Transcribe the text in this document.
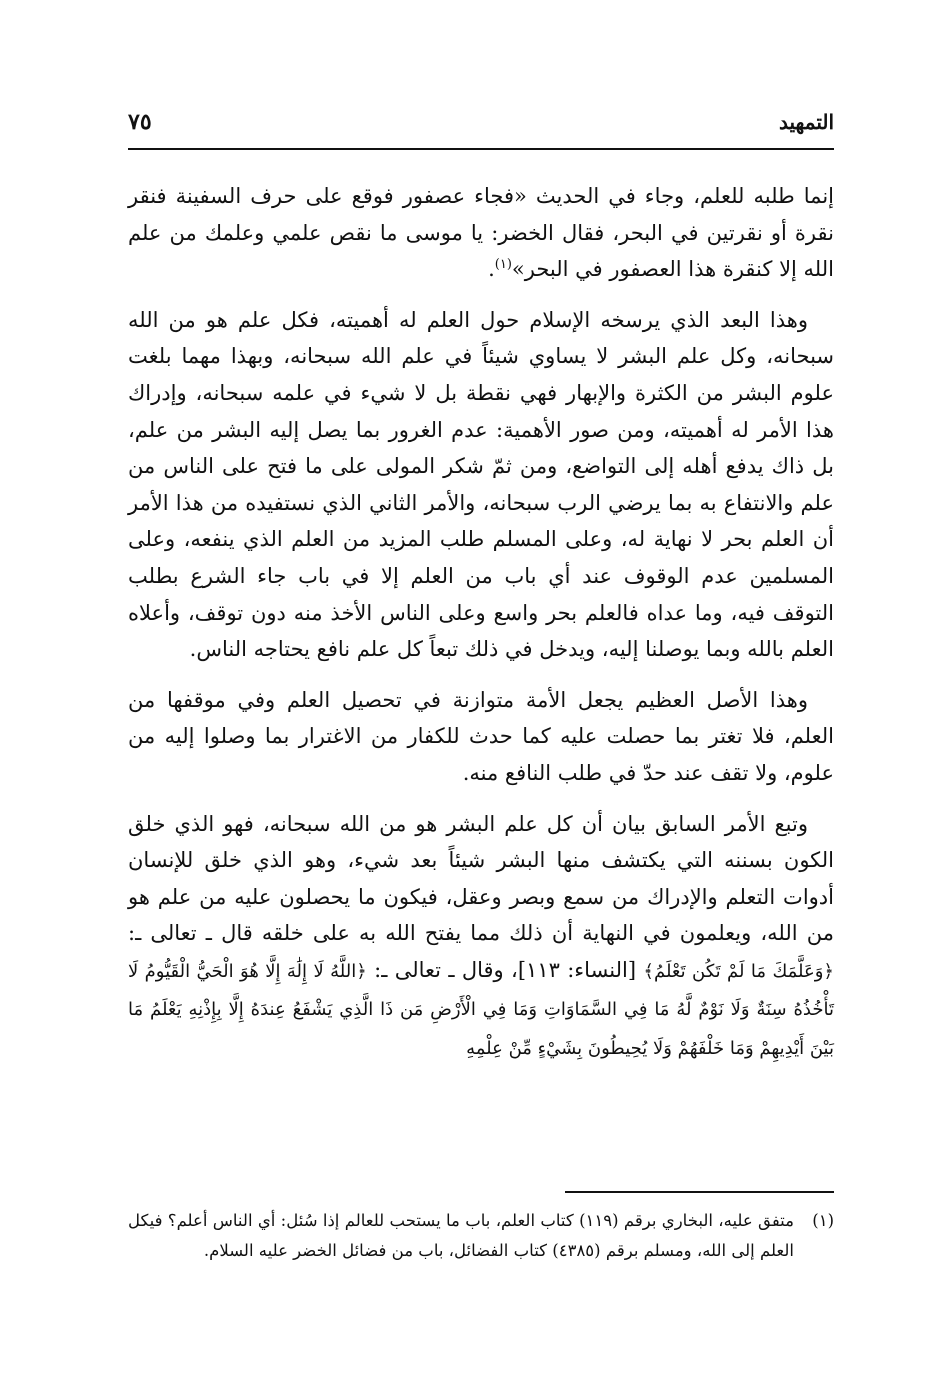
التمهيد
٧٥

إنما طلبه للعلم، وجاء في الحديث «فجاء عصفور فوقع على حرف السفينة فنقر نقرة أو نقرتين في البحر، فقال الخضر: يا موسى ما نقص علمي وعلمك من علم الله إلا كنقرة هذا العصفور في البحر»$^{(١)}$.

وهذا البعد الذي يرسخه الإسلام حول العلم له أهميته، فكل علم هو من الله سبحانه، وكل علم البشر لا يساوي شيئاً في علم الله سبحانه، وبهذا مهما بلغت علوم البشر من الكثرة والإبهار فهي نقطة بل لا شيء في علمه سبحانه، وإدراك هذا الأمر له أهميته، ومن صور الأهمية: عدم الغرور بما يصل إليه البشر من علم، بل ذاك يدفع أهله إلى التواضع، ومن ثمّ شكر المولى على ما فتح على الناس من علم والانتفاع به بما يرضي الرب سبحانه، والأمر الثاني الذي نستفيده من هذا الأمر أن العلم بحر لا نهاية له، وعلى المسلم طلب المزيد من العلم الذي ينفعه، وعلى المسلمين عدم الوقوف عند أي باب من العلم إلا في باب جاء الشرع بطلب التوقف فيه، وما عداه فالعلم بحر واسع وعلى الناس الأخذ منه دون توقف، وأعلاه العلم بالله وبما يوصلنا إليه، ويدخل في ذلك تبعاً كل علم نافع يحتاجه الناس.

وهذا الأصل العظيم يجعل الأمة متوازنة في تحصيل العلم وفي موقفها من العلم، فلا تغتر بما حصلت عليه كما حدث للكفار من الاغترار بما وصلوا إليه من علوم، ولا تقف عند حدّ في طلب النافع منه.

وتبع الأمر السابق بيان أن كل علم البشر هو من الله سبحانه، فهو الذي خلق الكون بسننه التي يكتشف منها البشر شيئاً بعد شيء، وهو الذي خلق للإنسان أدوات التعلم والإدراك من سمع وبصر وعقل، فيكون ما يحصلون عليه من علم هو من الله، ويعلمون في النهاية أن ذلك مما يفتح الله به على خلقه قال ـ تعالى ـ: ﴿وَعَلَّمَكَ مَا لَمْ تَكُن تَعْلَمُ﴾ [النساء: ١١٣]، وقال ـ تعالى ـ: ﴿اللَّهُ لَا إِلَٰهَ إِلَّا هُوَ الْحَيُّ الْقَيُّومُ لَا تَأْخُذُهُ سِنَةٌ وَلَا نَوْمٌ لَّهُ مَا فِي السَّمَاوَاتِ وَمَا فِي الْأَرْضِ مَن ذَا الَّذِي يَشْفَعُ عِندَهُ إِلَّا بِإِذْنِهِ يَعْلَمُ مَا بَيْنَ أَيْدِيهِمْ وَمَا خَلْفَهُمْ وَلَا يُحِيطُونَ بِشَيْءٍ مِّنْ عِلْمِهِ

(١)
متفق عليه، البخاري برقم (١١٩) كتاب العلم، باب ما يستحب للعالم إذا سُئل: أي الناس أعلم؟ فيكل العلم إلى الله، ومسلم برقم (٤٣٨٥) كتاب الفضائل، باب من فضائل الخضر عليه السلام.
